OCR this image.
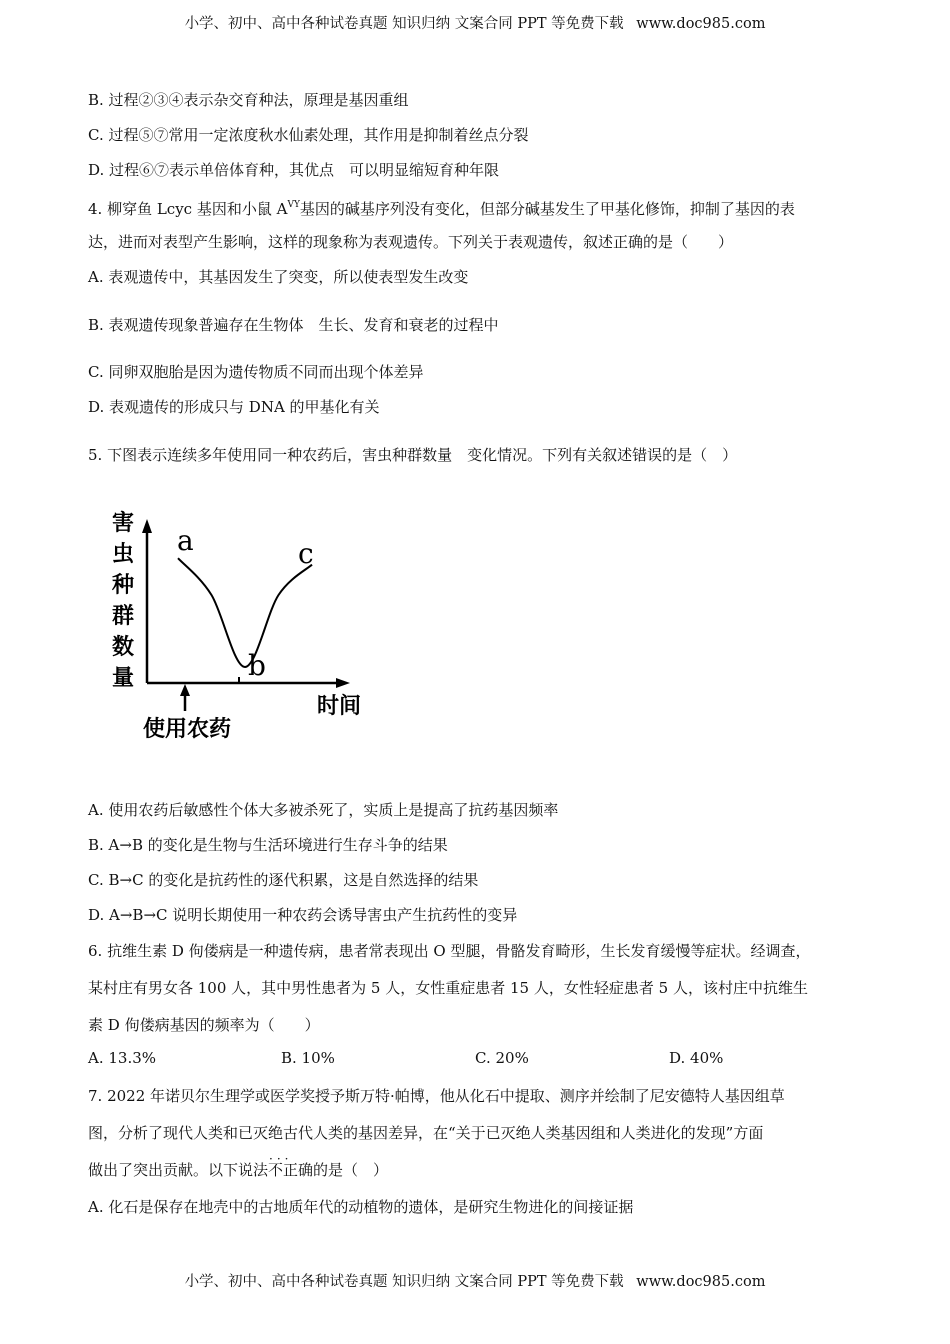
小学、初中、高中各种试卷真题 知识归纳 文案合同 PPT 等免费下载 www.doc985.com
B. 过程②③④表示杂交育种法，原理是基因重组
C. 过程⑤⑦常用一定浓度秋水仙素处理，其作用是抑制着丝点分裂
D. 过程⑥⑦表示单倍体育种，其优点　可以明显缩短育种年限
4. 柳穿鱼 Lcyc 基因和小鼠 $A^{VY}$基因的碱基序列没有变化，但部分碱基发生了甲基化修饰，抑制了基因的表
达，进而对表型产生影响，这样的现象称为表观遗传。下列关于表观遗传，叙述正确的是（　　）
A. 表观遗传中，其基因发生了突变，所以使表型发生改变
B. 表观遗传现象普遍存在生物体　生长、发育和衰老的过程中
C. 同卵双胞胎是因为遗传物质不同而出现个体差异
D. 表观遗传的形成只与 DNA 的甲基化有关
5. 下图表示连续多年使用同一种农药后，害虫种群数量　变化情况。下列有关叙述错误的是（　）
害
虫
种
群
数
量
a
b
c
时间
使用农药
A. 使用农药后敏感性个体大多被杀死了，实质上是提高了抗药基因频率
B. A→B 的变化是生物与生活环境进行生存斗争的结果
C. B→C 的变化是抗药性的逐代积累，这是自然选择的结果
D. A→B→C 说明长期使用一种农药会诱导害虫产生抗药性的变异
6. 抗维生素 D 佝偻病是一种遗传病，患者常表现出 O 型腿，骨骼发育畸形，生长发育缓慢等症状。经调查，
某村庄有男女各 100 人，其中男性患者为 5 人，女性重症患者 15 人，女性轻症患者 5 人，该村庄中抗维生
素 D 佝偻病基因的频率为（　　）
A. 13.3%	B. 10%	C. 20%	D. 40%
7. 2022 年诺贝尔生理学或医学奖授予斯万特·帕博，他从化石中提取、测序并绘制了尼安德特人基因组草
图，分析了现代人类和已灭绝古代人类的基因差异，在“关于已灭绝人类基因组和人类进化的发现”方面
做出了突出贡献。以下说法不正确 ···的是（　）
A. 化石是保存在地壳中的古地质年代的动植物的遗体，是研究生物进化的间接证据
小学、初中、高中各种试卷真题 知识归纳 文案合同 PPT 等免费下载 www.doc985.com
